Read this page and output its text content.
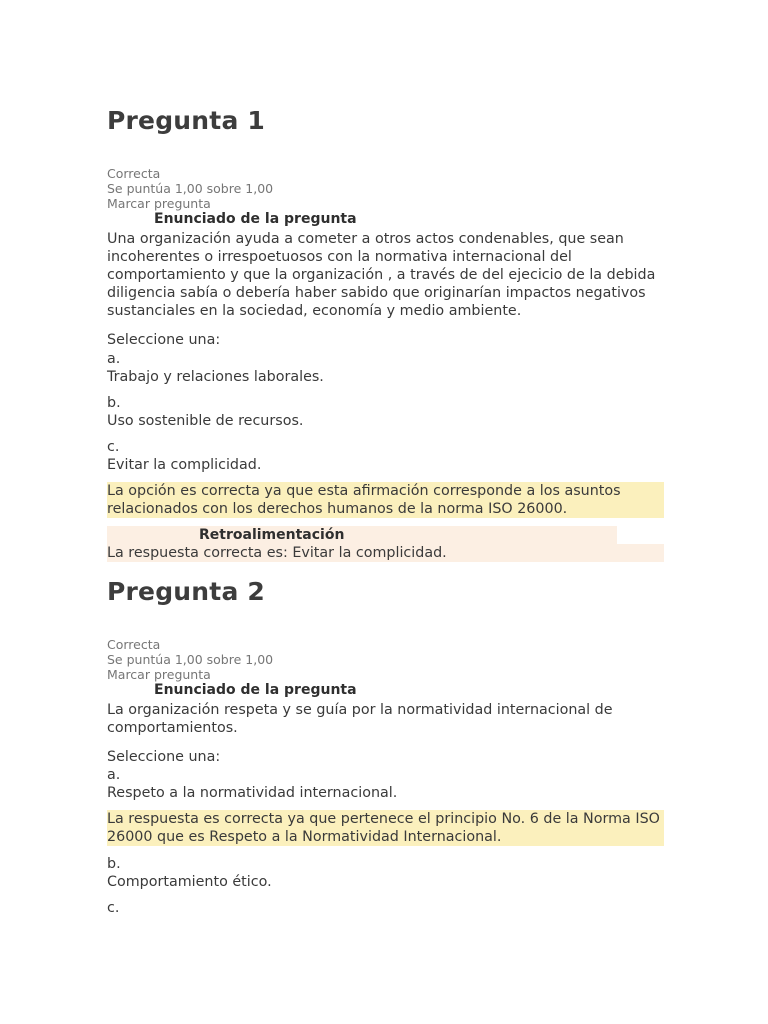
Pregunta 1
Correcta
Se puntúa 1,00 sobre 1,00
Marcar pregunta
Enunciado de la pregunta
Una organización ayuda a cometer a otros actos condenables, que sean incoherentes o irrespoetuosos con la normativa internacional del comportamiento y que la organización , a través de del ejecicio de la debida diligencia sabía o debería haber sabido que originarían impactos negativos sustanciales en la sociedad, economía y medio ambiente.
Seleccione una:
a.
Trabajo y relaciones laborales.
b.
Uso sostenible de recursos.
c.
Evitar la complicidad.
La opción es correcta ya que esta afirmación corresponde a los asuntos relacionados con los derechos humanos de la norma ISO 26000.
Retroalimentación
La respuesta correcta es: Evitar la complicidad.
Pregunta 2
Correcta
Se puntúa 1,00 sobre 1,00
Marcar pregunta
Enunciado de la pregunta
La organización respeta y se guía por la normatividad internacional de comportamientos.
Seleccione una:
a.
Respeto a la normatividad internacional.
La respuesta es correcta ya que pertenece el principio No. 6 de la Norma ISO 26000 que es Respeto a la Normatividad Internacional.
b.
Comportamiento ético.
c.
